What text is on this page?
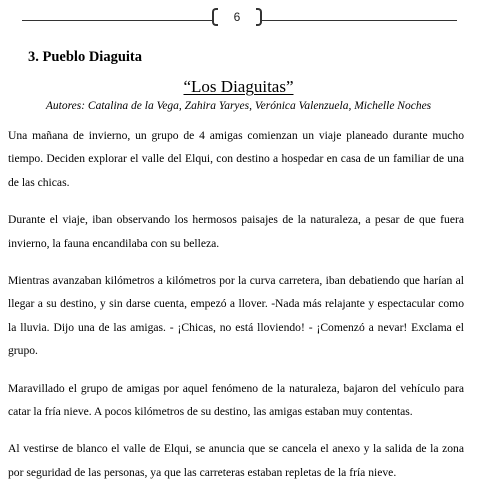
6
3. Pueblo Diaguita
“Los Diaguitas”
Autores: Catalina de la Vega, Zahira Yaryes, Verónica Valenzuela, Michelle Noches

Una mañana de invierno, un grupo de 4 amigas comienzan un viaje planeado durante mucho tiempo. Deciden explorar el valle del Elqui, con destino a hospedar en casa de un familiar de una de las chicas.

Durante el viaje, iban observando los hermosos paisajes de la naturaleza, a pesar de que fuera invierno, la fauna encandilaba con su belleza.

Mientras avanzaban kilómetros a kilómetros por la curva carretera, iban debatiendo que harían al llegar a su destino, y sin darse cuenta, empezó a llover. -Nada más relajante y espectacular como la lluvia. Dijo una de las amigas. - ¡Chicas, no está lloviendo! - ¡Comenzó a nevar! Exclama el grupo.

Maravillado el grupo de amigas por aquel fenómeno de la naturaleza, bajaron del vehículo para catar la fría nieve. A pocos kilómetros de su destino, las amigas estaban muy contentas.

Al vestirse de blanco el valle de Elqui, se anuncia que se cancela el anexo y la salida de la zona por seguridad de las personas, ya que las carreteras estaban repletas de la fría nieve.
